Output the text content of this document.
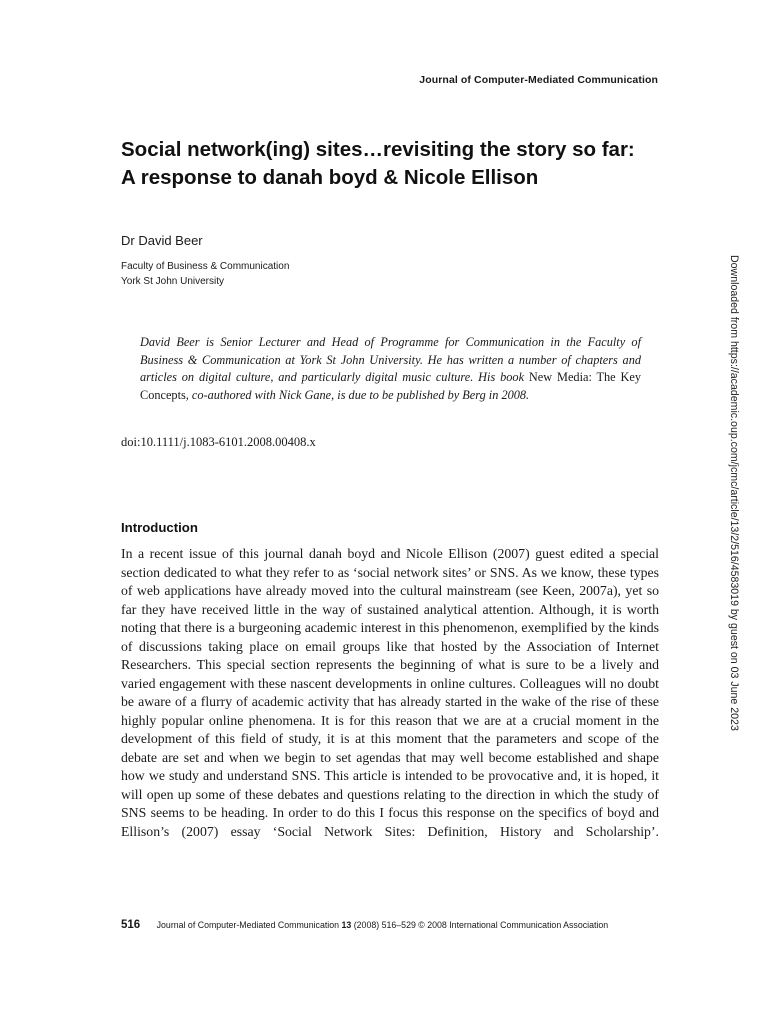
Journal of Computer-Mediated Communication
Social network(ing) sites…revisiting the story so far: A response to danah boyd & Nicole Ellison
Dr David Beer
Faculty of Business & Communication
York St John University

David Beer is Senior Lecturer and Head of Programme for Communication in the Faculty of Business & Communication at York St John University. He has written a number of chapters and articles on digital culture, and particularly digital music culture. His book New Media: The Key Concepts, co-authored with Nick Gane, is due to be published by Berg in 2008.

doi:10.1111/j.1083-6101.2008.00408.x
Introduction

In a recent issue of this journal danah boyd and Nicole Ellison (2007) guest edited a special section dedicated to what they refer to as ‘social network sites’ or SNS. As we know, these types of web applications have already moved into the cultural mainstream (see Keen, 2007a), yet so far they have received little in the way of sustained analytical attention. Although, it is worth noting that there is a burgeoning academic interest in this phenomenon, exemplified by the kinds of discussions taking place on email groups like that hosted by the Association of Internet Researchers. This special section represents the beginning of what is sure to be a lively and varied engagement with these nascent developments in online cultures. Colleagues will no doubt be aware of a flurry of academic activity that has already started in the wake of the rise of these highly popular online phenomena. It is for this reason that we are at a crucial moment in the development of this field of study, it is at this moment that the parameters and scope of the debate are set and when we begin to set agendas that may well become established and shape how we study and understand SNS. This article is intended to be provocative and, it is hoped, it will open up some of these debates and questions relating to the direction in which the study of SNS seems to be heading. In order to do this I focus this response on the specifics of boyd and Ellison’s (2007) essay ‘Social Network Sites: Definition, History and Scholarship’.

516 Journal of Computer-Mediated Communication 13 (2008) 516–529 © 2008 International Communication Association
Downloaded from https://academic.oup.com/jcmc/article/13/2/516/4583019 by guest on 03 June 2023
